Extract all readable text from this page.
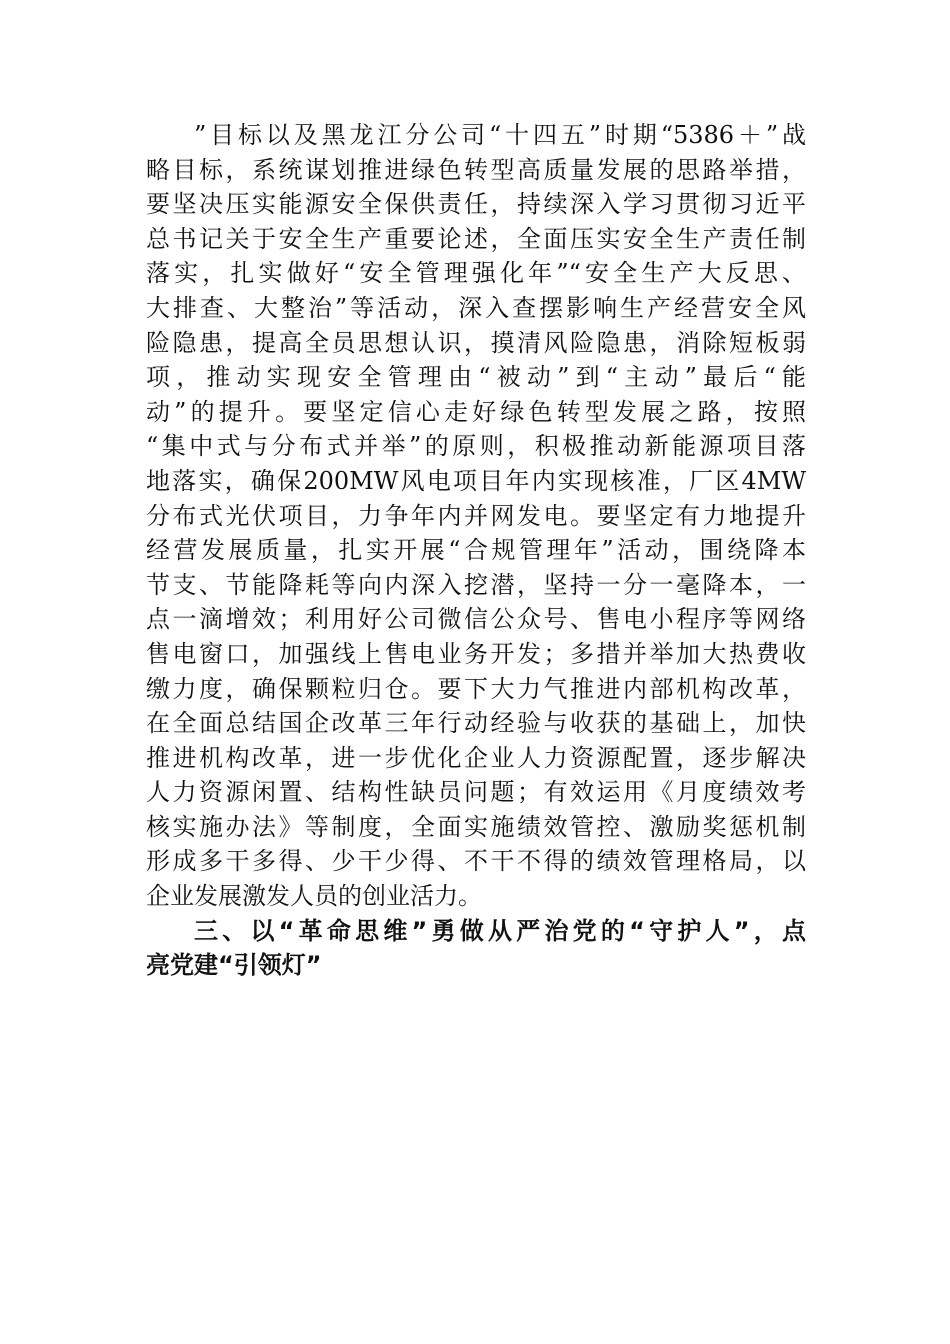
”目标以及黑龙江分公司“十四五”时期“5386＋”战
略目标，系统谋划推进绿色转型高质量发展的思路举措，
要坚决压实能源安全保供责任，持续深入学习贯彻习近平
总书记关于安全生产重要论述，全面压实安全生产责任制
落实，扎实做好“安全管理强化年”“安全生产大反思、
大排查、大整治”等活动，深入查摆影响生产经营安全风
险隐患，提高全员思想认识，摸清风险隐患，消除短板弱
项，推动实现安全管理由“被动”到“主动”最后“能
动”的提升。要坚定信心走好绿色转型发展之路，按照
“集中式与分布式并举”的原则，积极推动新能源项目落
地落实，确保200MW风电项目年内实现核准，厂区4MW
分布式光伏项目，力争年内并网发电。要坚定有力地提升
经营发展质量，扎实开展“合规管理年”活动，围绕降本
节支、节能降耗等向内深入挖潜，坚持一分一毫降本，一
点一滴增效；利用好公司微信公众号、售电小程序等网络
售电窗口，加强线上售电业务开发；多措并举加大热费收
缴力度，确保颗粒归仓。要下大力气推进内部机构改革，
在全面总结国企改革三年行动经验与收获的基础上，加快
推进机构改革，进一步优化企业人力资源配置，逐步解决
人力资源闲置、结构性缺员问题；有效运用《月度绩效考
核实施办法》等制度，全面实施绩效管控、激励奖惩机制
形成多干多得、少干少得、不干不得的绩效管理格局，以
企业发展激发人员的创业活力。
三、以“革命思维”勇做从严治党的“守护人”，点
亮党建“引领灯”
